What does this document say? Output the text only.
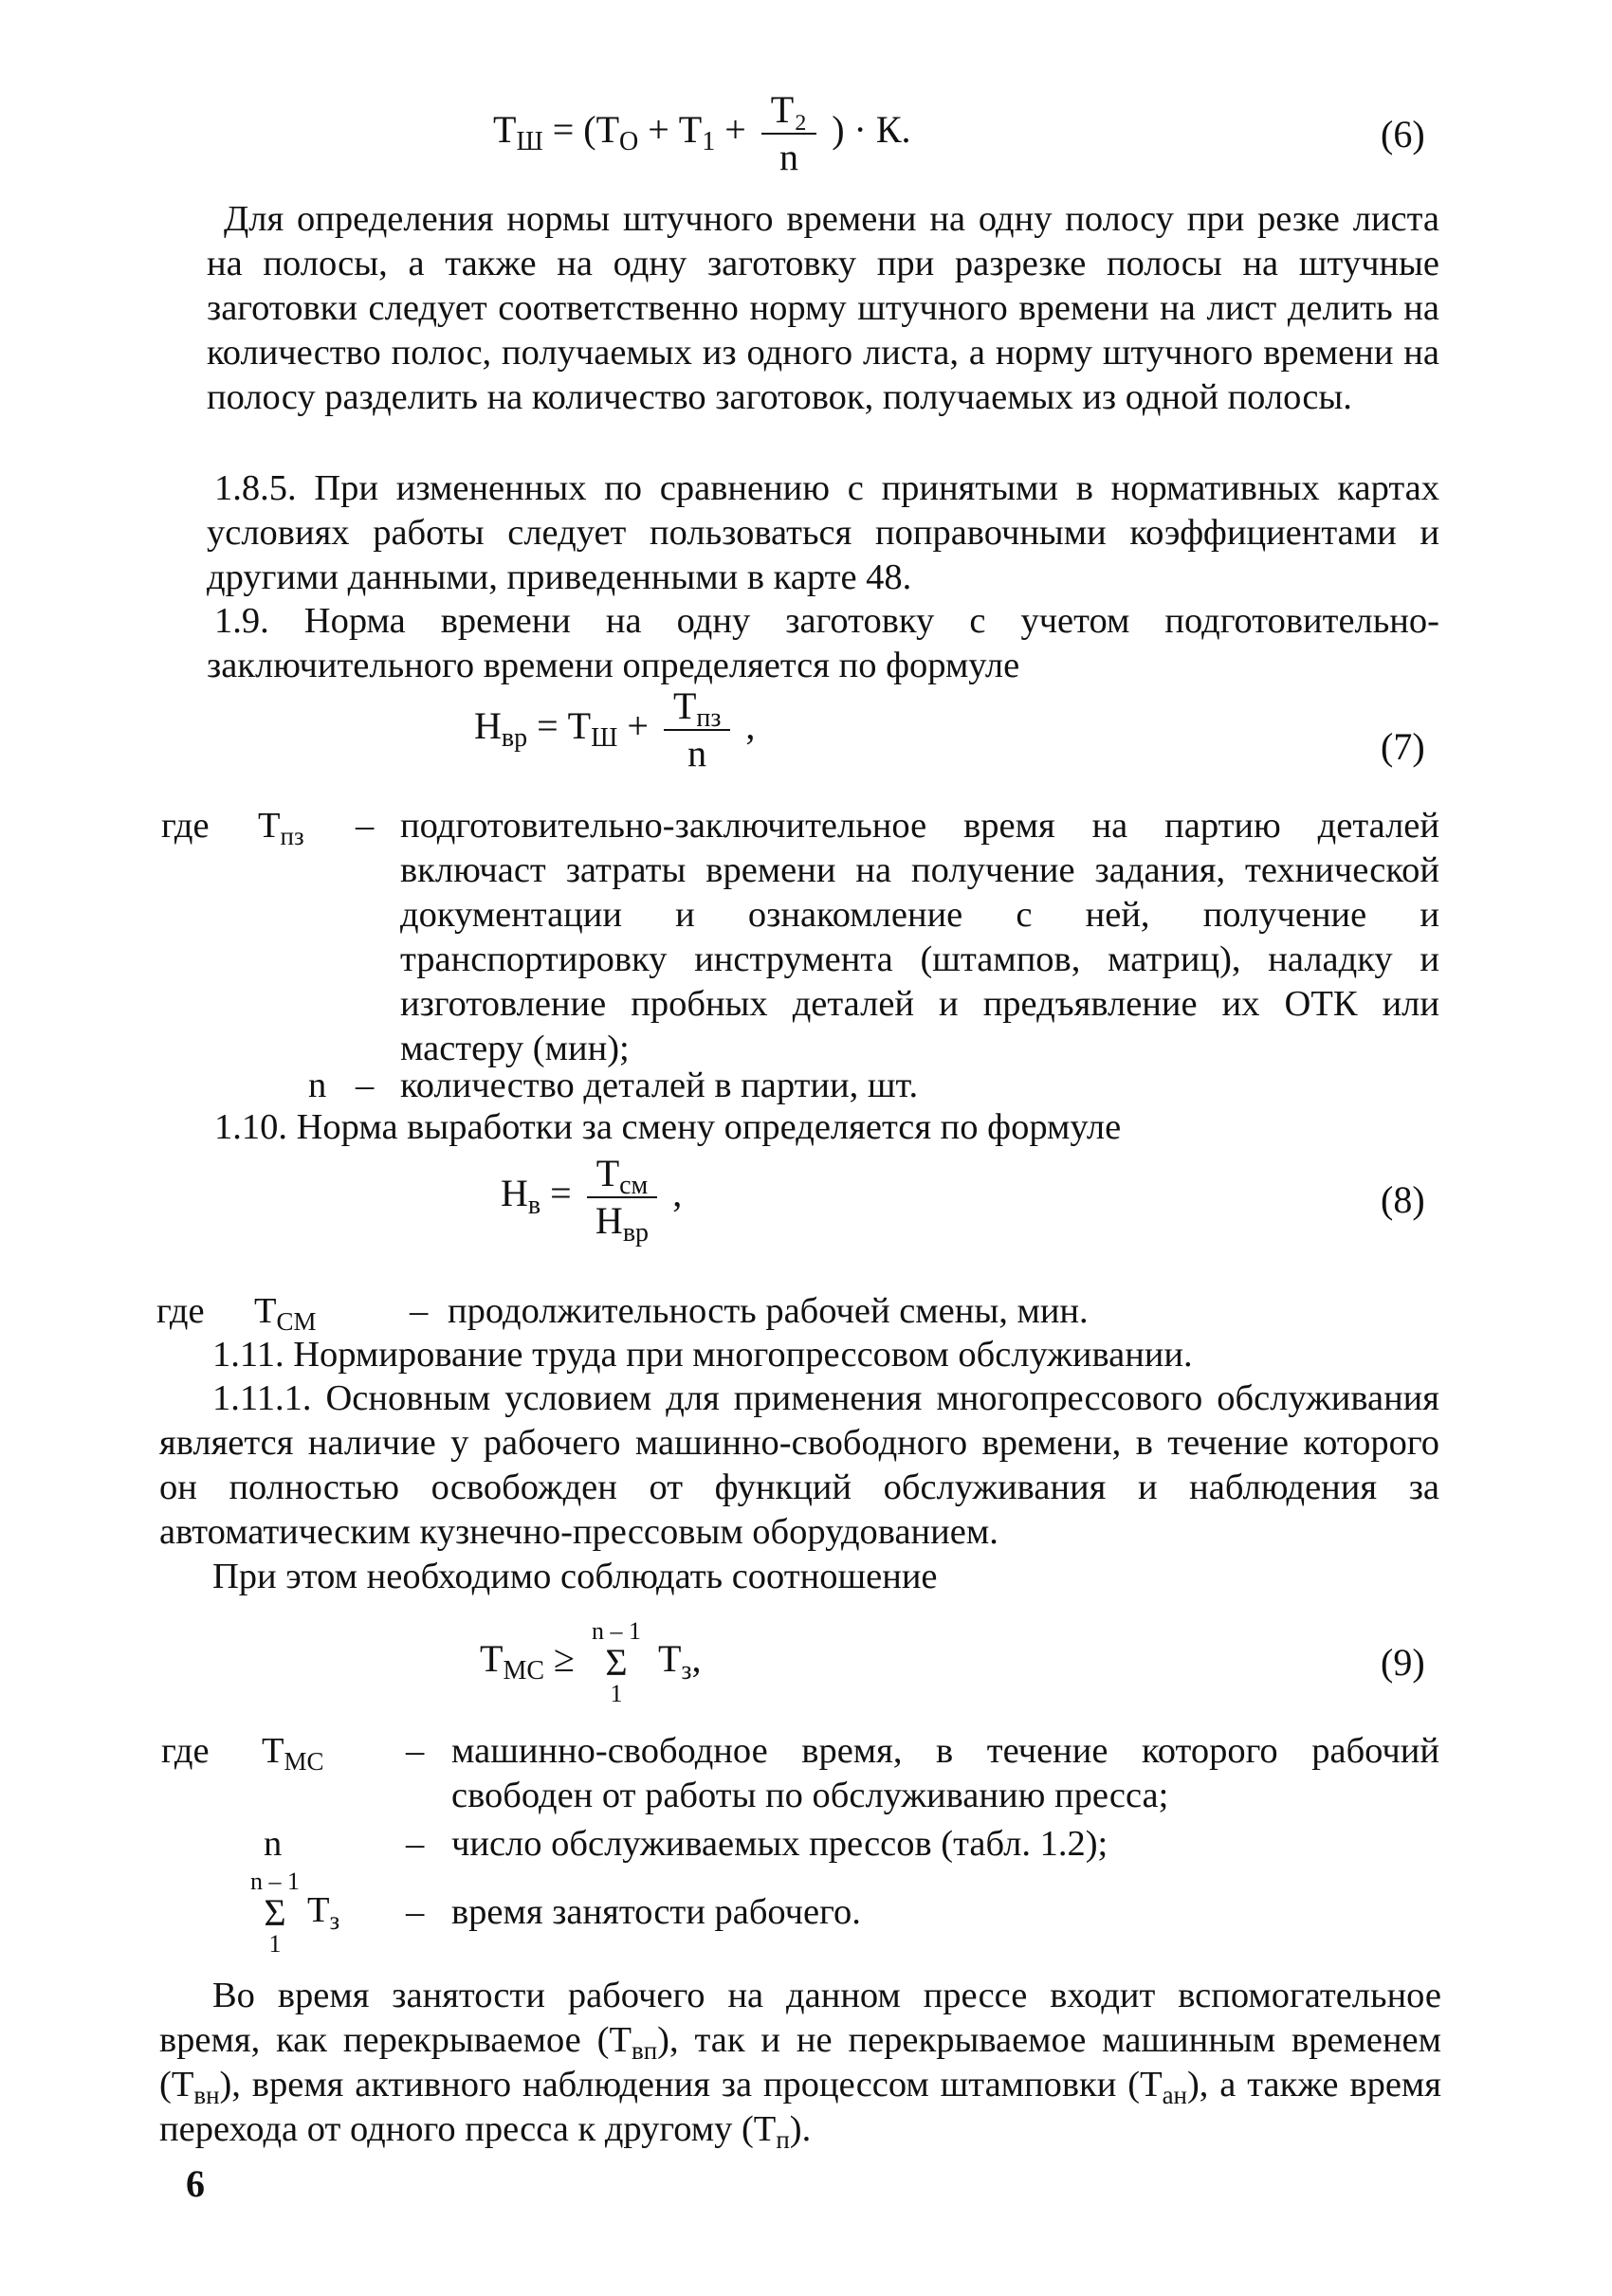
$Т_Ш = (Т_О + Т_1 + \frac{\text{Т₂}}{n}$ ) · К.	(6)
Для определения нормы штучного времени на одну полосу при резке листа на полосы, а также на одну заготовку при разрезке полосы на штучные заготовки следует соответственно норму штучного времени на лист делить на количество полос, получаемых из одного листа, а норму штучного времени на полосу разделить на количество заготовок, получаемых из одной полосы.
1.8.5. При измененных по сравнению с принятыми в нормативных картах условиях работы следует пользоваться поправочными коэффициентами и другими данными, приведенными в карте 48.
1.9. Норма времени на одну заготовку с учетом подготовительно-заключительного времени определяется по формуле
$Н_{вр} = Т_Ш + \frac{Т_{пз}}{n}$ ,	(7)
где $Т_{пз}$ – подготовительно-заключительное время на партию деталей включаст затраты времени на получение задания, технической документации и ознакомление с ней, получение и транспортировку инструмента (штампов, матриц), наладку и изготовление пробных деталей и предъявление их ОТК или мастеру (мин);
n – количество деталей в партии, шт.
1.10. Норма выработки за смену определяется по формуле
$Н_в = \frac{Т_{см}}{Н_{вр}}$ ,	(8)
где $Т_{СМ}$	– продолжительность рабочей смены, мин.
1.11. Нормирование труда при многопрессовом обслуживании.
1.11.1. Основным условием для применения многопрессового обслуживания является наличие у рабочего машинно-свободного времени, в течение которого он полностью освобожден от функций обслуживания и наблюдения за автоматическим кузнечно-прессовым оборудованием.
При этом необходимо соблюдать соотношение
$Т_{МС}$ ≥
n – 1
Σ
1
$Т_з$,	(9)
где $Т_{МС}$ – машинно-свободное время, в течение которого рабочий свободен от работы по обслуживанию пресса;
n	– число обслуживаемых прессов (табл. 1.2);
n – 1
Σ
1
$Т_з$ – время занятости рабочего.
Во время занятости рабочего на данном прессе входит вспомогательное время, как перекрываемое $(Т_{вп})$, так и не перекрываемое машинным временем $(Т_{вн})$, время активного наблюдения за процессом штамповки $(Т_{ан})$, а также время перехода от одного пресса к другому $(Т_п)$.
6
